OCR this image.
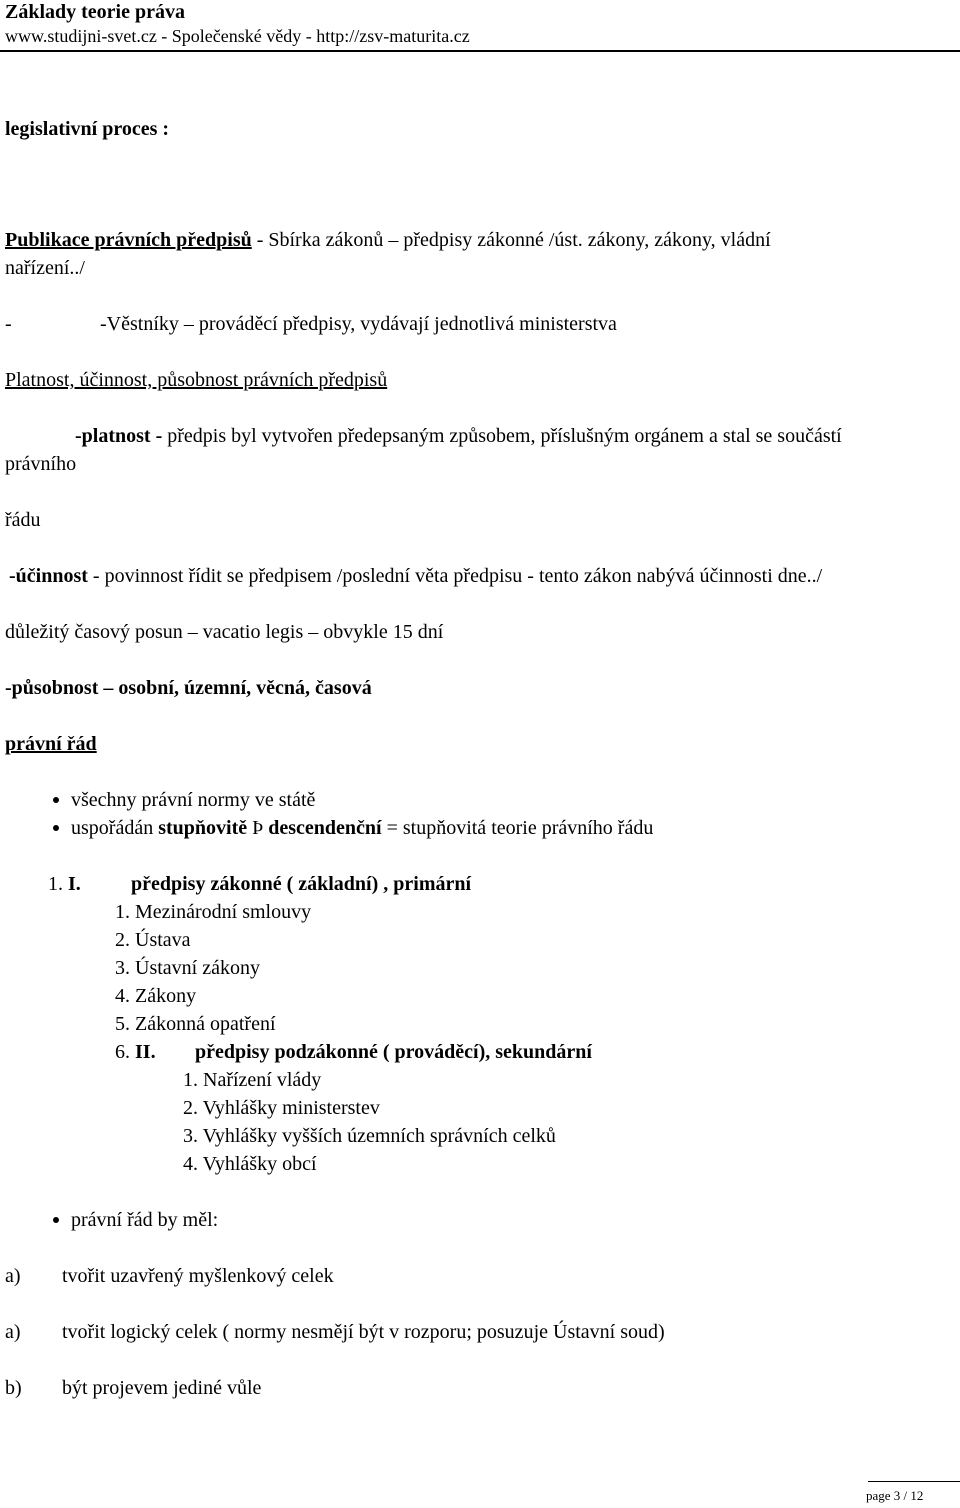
Základy teorie práva
www.studijni-svet.cz - Společenské vědy - http://zsv-maturita.cz
legislativní proces :
Publikace právních předpisů - Sbírka zákonů – předpisy zákonné /úst. zákony, zákony, vládní
nařízení../
-	-Věstníky – prováděcí předpisy, vydávají jednotlivá ministerstva
Platnost, účinnost, působnost právních předpisů
-platnost - předpis byl vytvořen předepsaným způsobem, příslušným orgánem a stal se součástí
právního
řádu
-účinnost - povinnost řídit se předpisem /poslední věta předpisu - tento zákon nabývá účinnosti dne../
důležitý časový posun – vacatio legis – obvykle 15 dní
-působnost – osobní, územní, věcná, časová
právní řád
všechny právní normy ve státě
uspořádán stupňovitě Þ descendenční = stupňovitá teorie právního řádu
1. I.	předpisy zákonné ( základní) , primární
1. Mezinárodní smlouvy
2. Ústava
3. Ústavní zákony
4. Zákony
5. Zákonná opatření
6. II. předpisy podzákonné ( prováděcí), sekundární
1. Nařízení vlády
2. Vyhlášky ministerstev
3. Vyhlášky vyšších územních správních celků
4. Vyhlášky obcí
právní řád by měl:
a) tvořit uzavřený myšlenkový celek
a) tvořit logický celek ( normy nesmějí být v rozporu; posuzuje Ústavní soud)
b) být projevem jediné vůle
page 3 / 12
